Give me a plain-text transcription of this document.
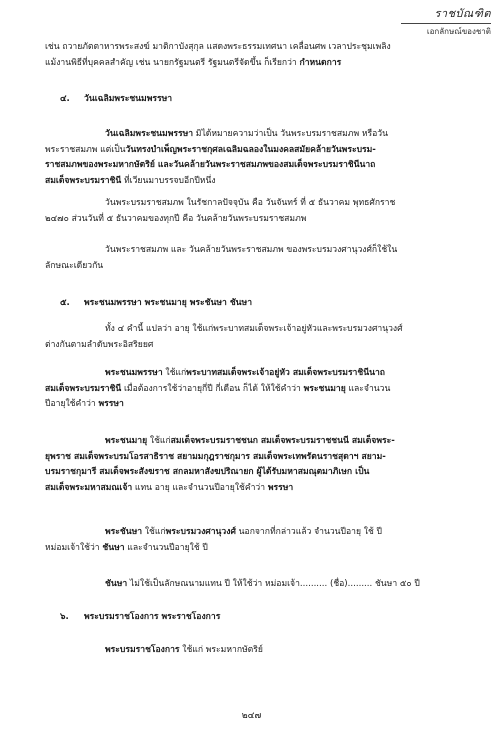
ราชบัณฑิต
เอกลักษณ์ของชาติ
เช่น ถวายภัตตาหารพระสงฆ์ มาติกาบังสุกุล แสดงพระธรรมเทศนา เคลื่อนศพ เวลาประชุมเพลิง
แม้งานพิธีที่บุคคลสำคัญ เช่น นายกรัฐมนตรี รัฐมนตรีจัดขึ้น ก็เรียกว่า กำหนดการ
๔. วันเฉลิมพระชนมพรรษา
วันเฉลิมพระชนมพรรษา มิได้หมายความว่าเป็น วันพระบรมราชสมภพ หรือวัน
พระราชสมภพ แต่เป็นวันทรงบำเพ็ญพระราชกุศลเฉลิมฉลองในมงคลสมัยคล้ายวันพระบรม-
ราชสมภพของพระมหากษัตริย์ และวันคล้ายวันพระราชสมภพของสมเด็จพระบรมราชินีนาถ
สมเด็จพระบรมราชินี ที่เวียนมาบรรจบอีกปีหนึ่ง
วันพระบรมราชสมภพ ในรัชกาลปัจจุบัน คือ วันจันทร์ ที่ ๕ ธันวาคม พุทธศักราช
๒๔๗๐ ส่วนวันที่ ๕ ธันวาคมของทุกปี คือ วันคล้ายวันพระบรมราชสมภพ
วันพระราชสมภพ และ วันคล้ายวันพระราชสมภพ ของพระบรมวงศานุวงศ์ก็ใช้ใน
ลักษณะเดียวกัน
๕. พระชนมพรรษา พระชนมายุ พระชันษา ชันษา
ทั้ง ๔ คำนี้ แปลว่า อายุ ใช้แก่พระบาทสมเด็จพระเจ้าอยู่หัวและพระบรมวงศานุวงศ์
ต่างกันตามลำดับพระอิสริยยศ
พระชนมพรรษา ใช้แก่พระบาทสมเด็จพระเจ้าอยู่หัว สมเด็จพระบรมราชินีนาถ
สมเด็จพระบรมราชินี เมื่อต้องการใช้ว่าอายุกี่ปี กี่เดือน ก็ได้ ให้ใช้คำว่า พระชนมายุ และจำนวน
ปีอายุใช้คำว่า พรรษา
พระชนมายุ ใช้แก่สมเด็จพระบรมราชชนก สมเด็จพระบรมราชชนนี สมเด็จพระ-
ยุพราช สมเด็จพระบรมโอรสาธิราช สยามมกุฎราชกุมาร สมเด็จพระเทพรัตนราชสุดาฯ สยาม-
บรมราชกุมารี สมเด็จพระสังฆราช สกลมหาสังฆปริณายก ผู้ได้รับมหาสมณุตมาภิเษก เป็น
สมเด็จพระมหาสมณเจ้า แทน อายุ และจำนวนปีอายุใช้คำว่า พรรษา
พระชันษา ใช้แก่พระบรมวงศานุวงศ์ นอกจากที่กล่าวแล้ว จำนวนปีอายุ ใช้ ปี
หม่อมเจ้าใช้ว่า ชันษา และจำนวนปีอายุใช้ ปี
ชันษา ไม่ใช้เป็นลักษณนามแทน ปี ให้ใช้ว่า หม่อมเจ้า.......... (ชื่อ)......... ชันษา ๕๐ ปี
๖. พระบรมราชโองการ พระราชโองการ
พระบรมราชโองการ ใช้แก่ พระมหากษัตริย์
๒๔๗
